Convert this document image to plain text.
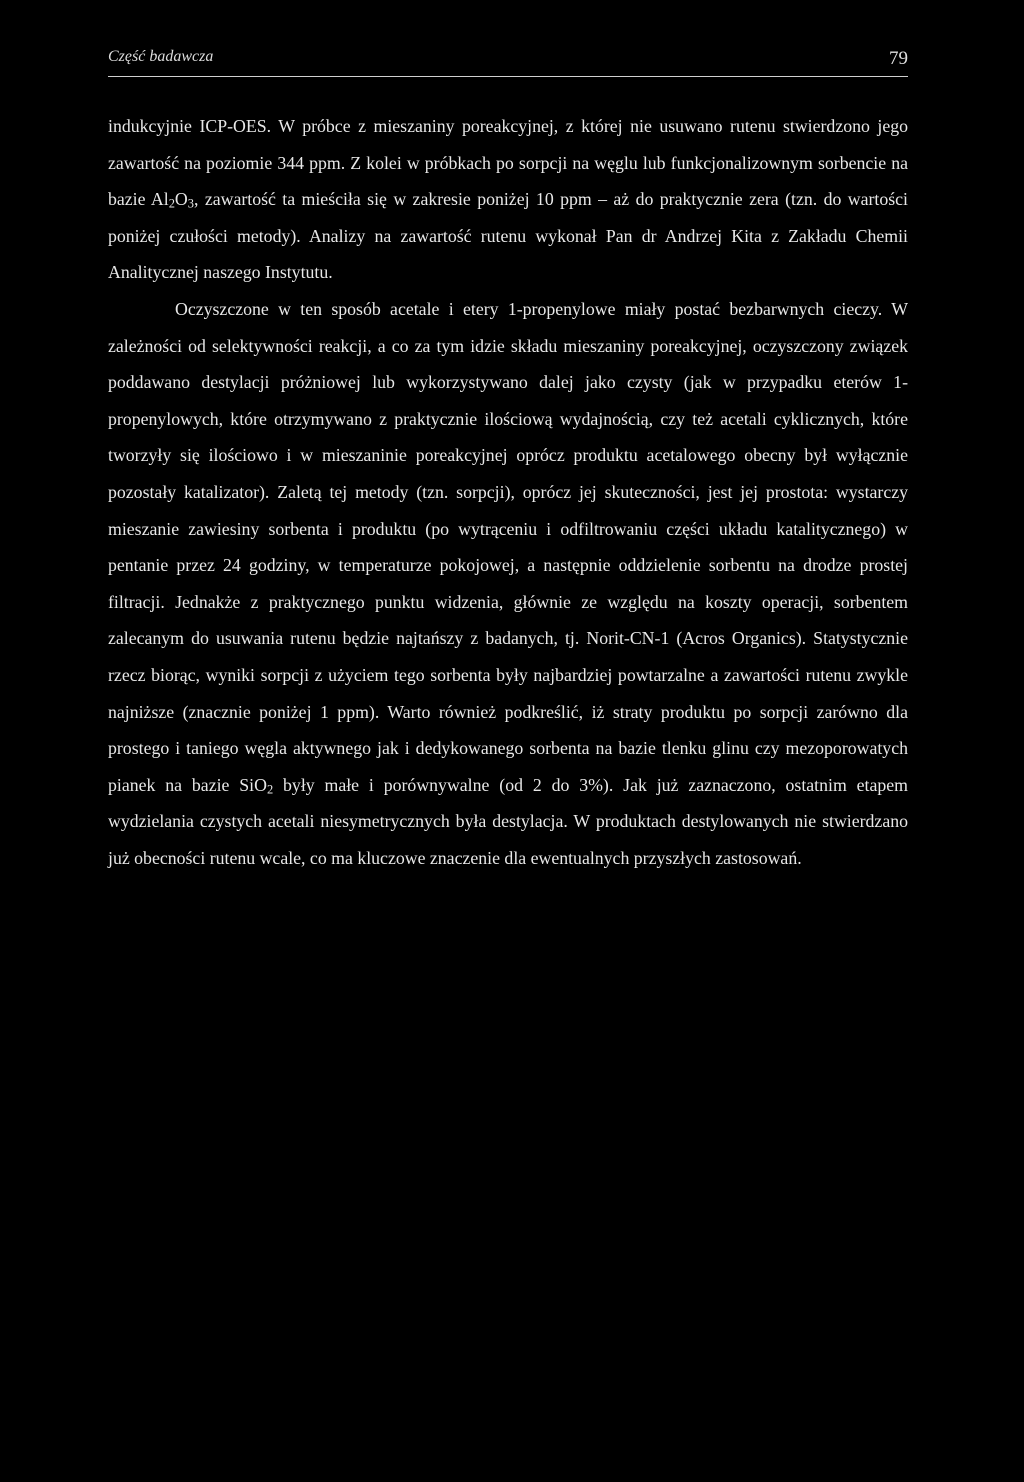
Część badawcza	79

indukcyjnie ICP-OES. W próbce z mieszaniny poreakcyjnej, z której nie usuwano rutenu stwierdzono jego zawartość na poziomie 344 ppm. Z kolei w próbkach po sorpcji na węglu lub funkcjonalizownym sorbencie na bazie $Al_2O_3$, zawartość ta mieściła się w zakresie poniżej 10 ppm – aż do praktycznie zera (tzn. do wartości poniżej czułości metody). Analizy na zawartość rutenu wykonał Pan dr Andrzej Kita z Zakładu Chemii Analitycznej naszego Instytutu.

Oczyszczone w ten sposób acetale i etery 1-propenylowe miały postać bezbarwnych cieczy. W zależności od selektywności reakcji, a co za tym idzie składu mieszaniny poreakcyjnej, oczyszczony związek poddawano destylacji próżniowej lub wykorzystywano dalej jako czysty (jak w przypadku eterów 1-propenylowych, które otrzymywano z praktycznie ilościową wydajnością, czy też acetali cyklicznych, które tworzyły się ilościowo i w mieszaninie poreakcyjnej oprócz produktu acetalowego obecny był wyłącznie pozostały katalizator). Zaletą tej metody (tzn. sorpcji), oprócz jej skuteczności, jest jej prostota: wystarczy mieszanie zawiesiny sorbenta i produktu (po wytrąceniu i odfiltrowaniu części układu katalitycznego) w pentanie przez 24 godziny, w temperaturze pokojowej, a następnie oddzielenie sorbentu na drodze prostej filtracji. Jednakże z praktycznego punktu widzenia, głównie ze względu na koszty operacji, sorbentem zalecanym do usuwania rutenu będzie najtańszy z badanych, tj. Norit-CN-1 (Acros Organics). Statystycznie rzecz biorąc, wyniki sorpcji z użyciem tego sorbenta były najbardziej powtarzalne a zawartości rutenu zwykle najniższe (znacznie poniżej 1 ppm). Warto również podkreślić, iż straty produktu po sorpcji zarówno dla prostego i taniego węgla aktywnego jak i dedykowanego sorbenta na bazie tlenku glinu czy mezoporowatych pianek na bazie SiO$_2$ były małe i porównywalne (od 2 do 3%). Jak już zaznaczono, ostatnim etapem wydzielania czystych acetali niesymetrycznych była destylacja. W produktach destylowanych nie stwierdzano już obecności rutenu wcale, co ma kluczowe znaczenie dla ewentualnych przyszłych zastosowań.
